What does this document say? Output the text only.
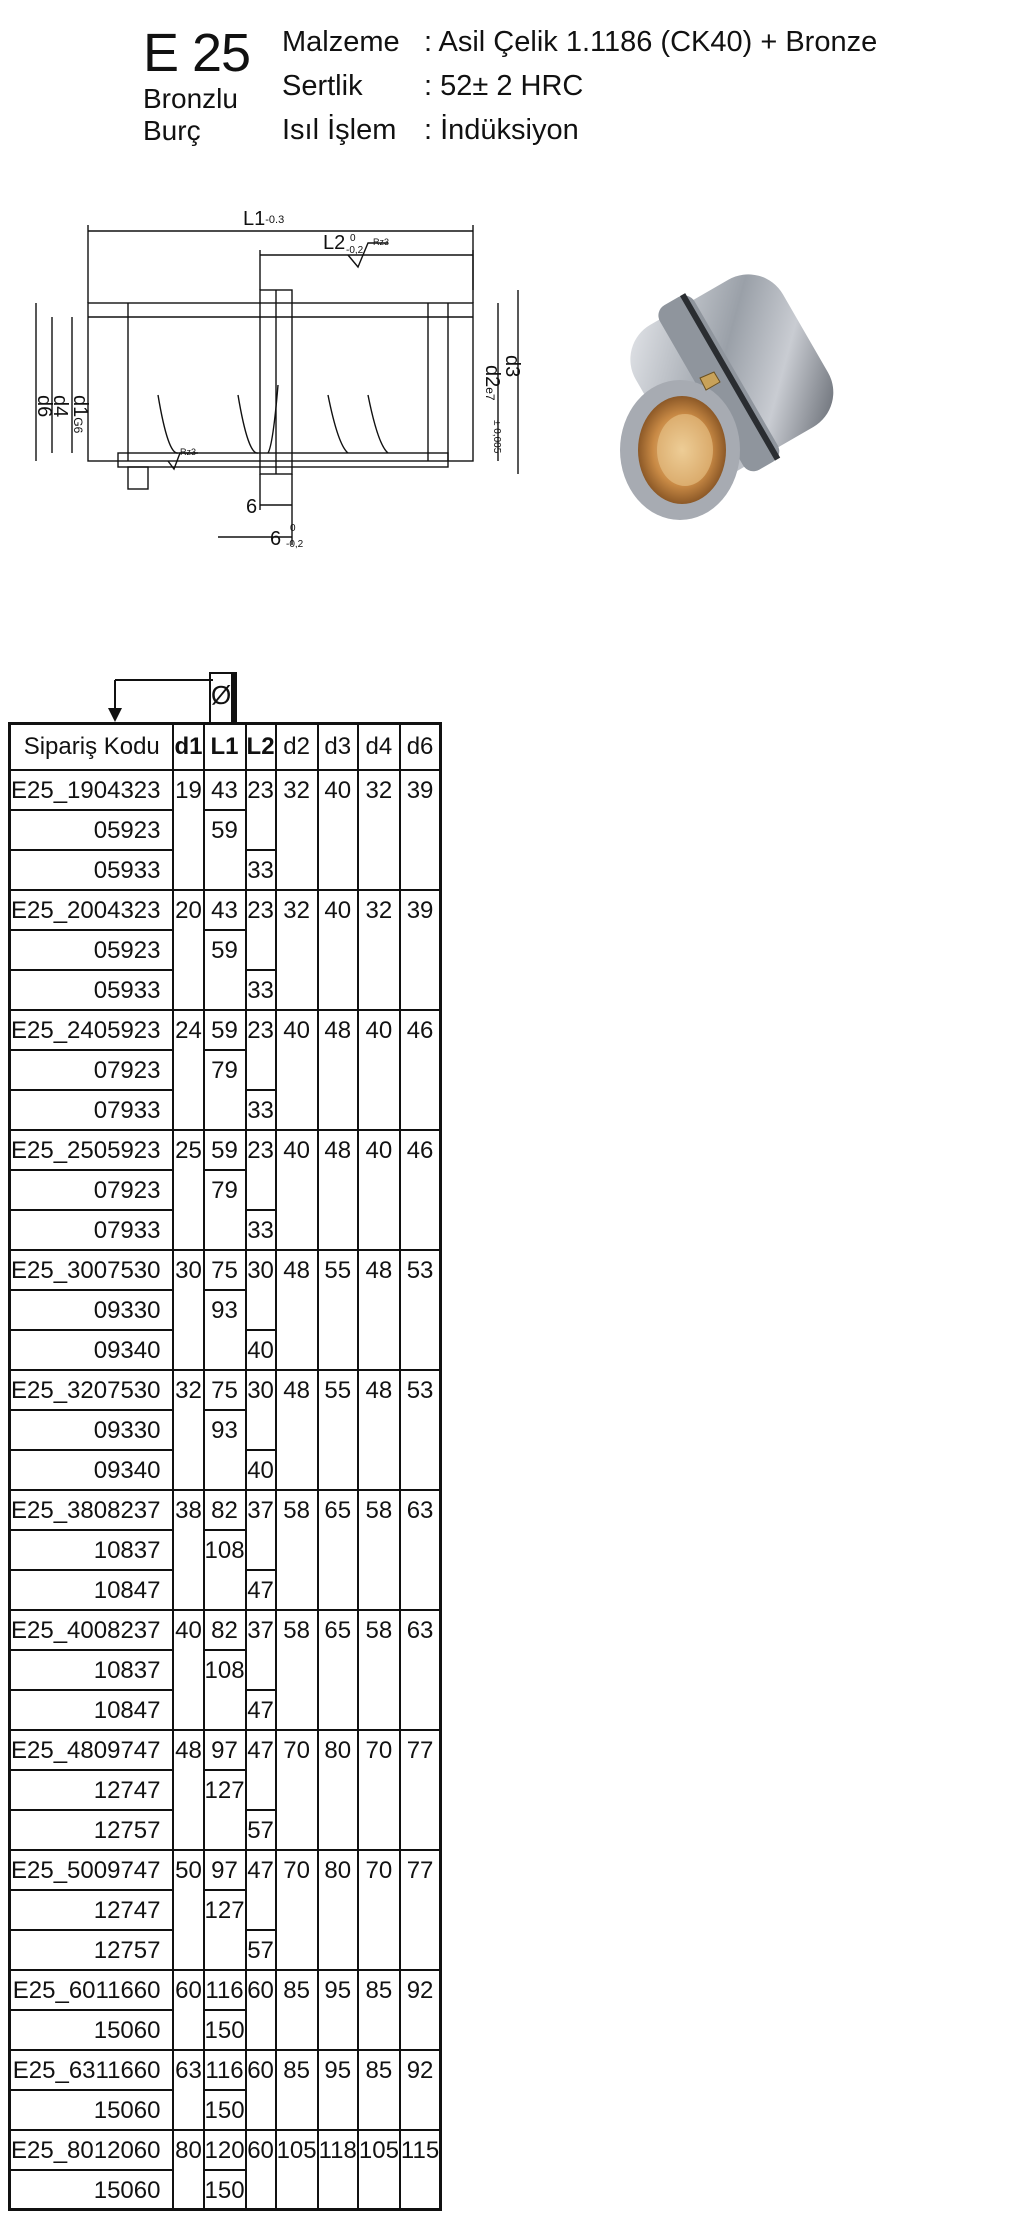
E 25
Bronzlu
Burç
Malzeme : Asil Çelik 1.1186 (CK40) + Bronze
Sertlik	: 52± 2 HRC
Isıl İşlem : İndüksiyon
L1-0.3
L2 0
-0,2
Rz3
Rz3
d1G6
d4
d6
d2e7
d3
± 0,005
6
6 0
-0,2
Ø		
Sipariş Kodu	d1	L1	L2	d2	d3	d4	d6
E25_1904323	19	43	23	32	40	32	39
05923		59					
05933			33				
E25_2004323	20	43	23	32	40	32	39
05923		59					
05933			33				
E25_2405923	24	59	23	40	48	40	46
07923		79					
07933			33				
E25_2505923	25	59	23	40	48	40	46
07923		79					
07933			33				
E25_3007530	30	75	30	48	55	48	53
09330		93					
09340			40				
E25_3207530	32	75	30	48	55	48	53
09330		93					
09340			40				
E25_3808237	38	82	37	58	65	58	63
10837		108					
10847			47				
E25_4008237	40	82	37	58	65	58	63
10837		108					
10847			47				
E25_4809747	48	97	47	70	80	70	77
12747		127					
12757			57				
E25_5009747	50	97	47	70	80	70	77
12747		127					
12757			57				
E25_6011660	60	116	60	85	95	85	92
15060		150					
E25_6311660	63	116	60	85	95	85	92
15060		150					
E25_8012060	80	120	60	105	118	105	115
15060		150					
